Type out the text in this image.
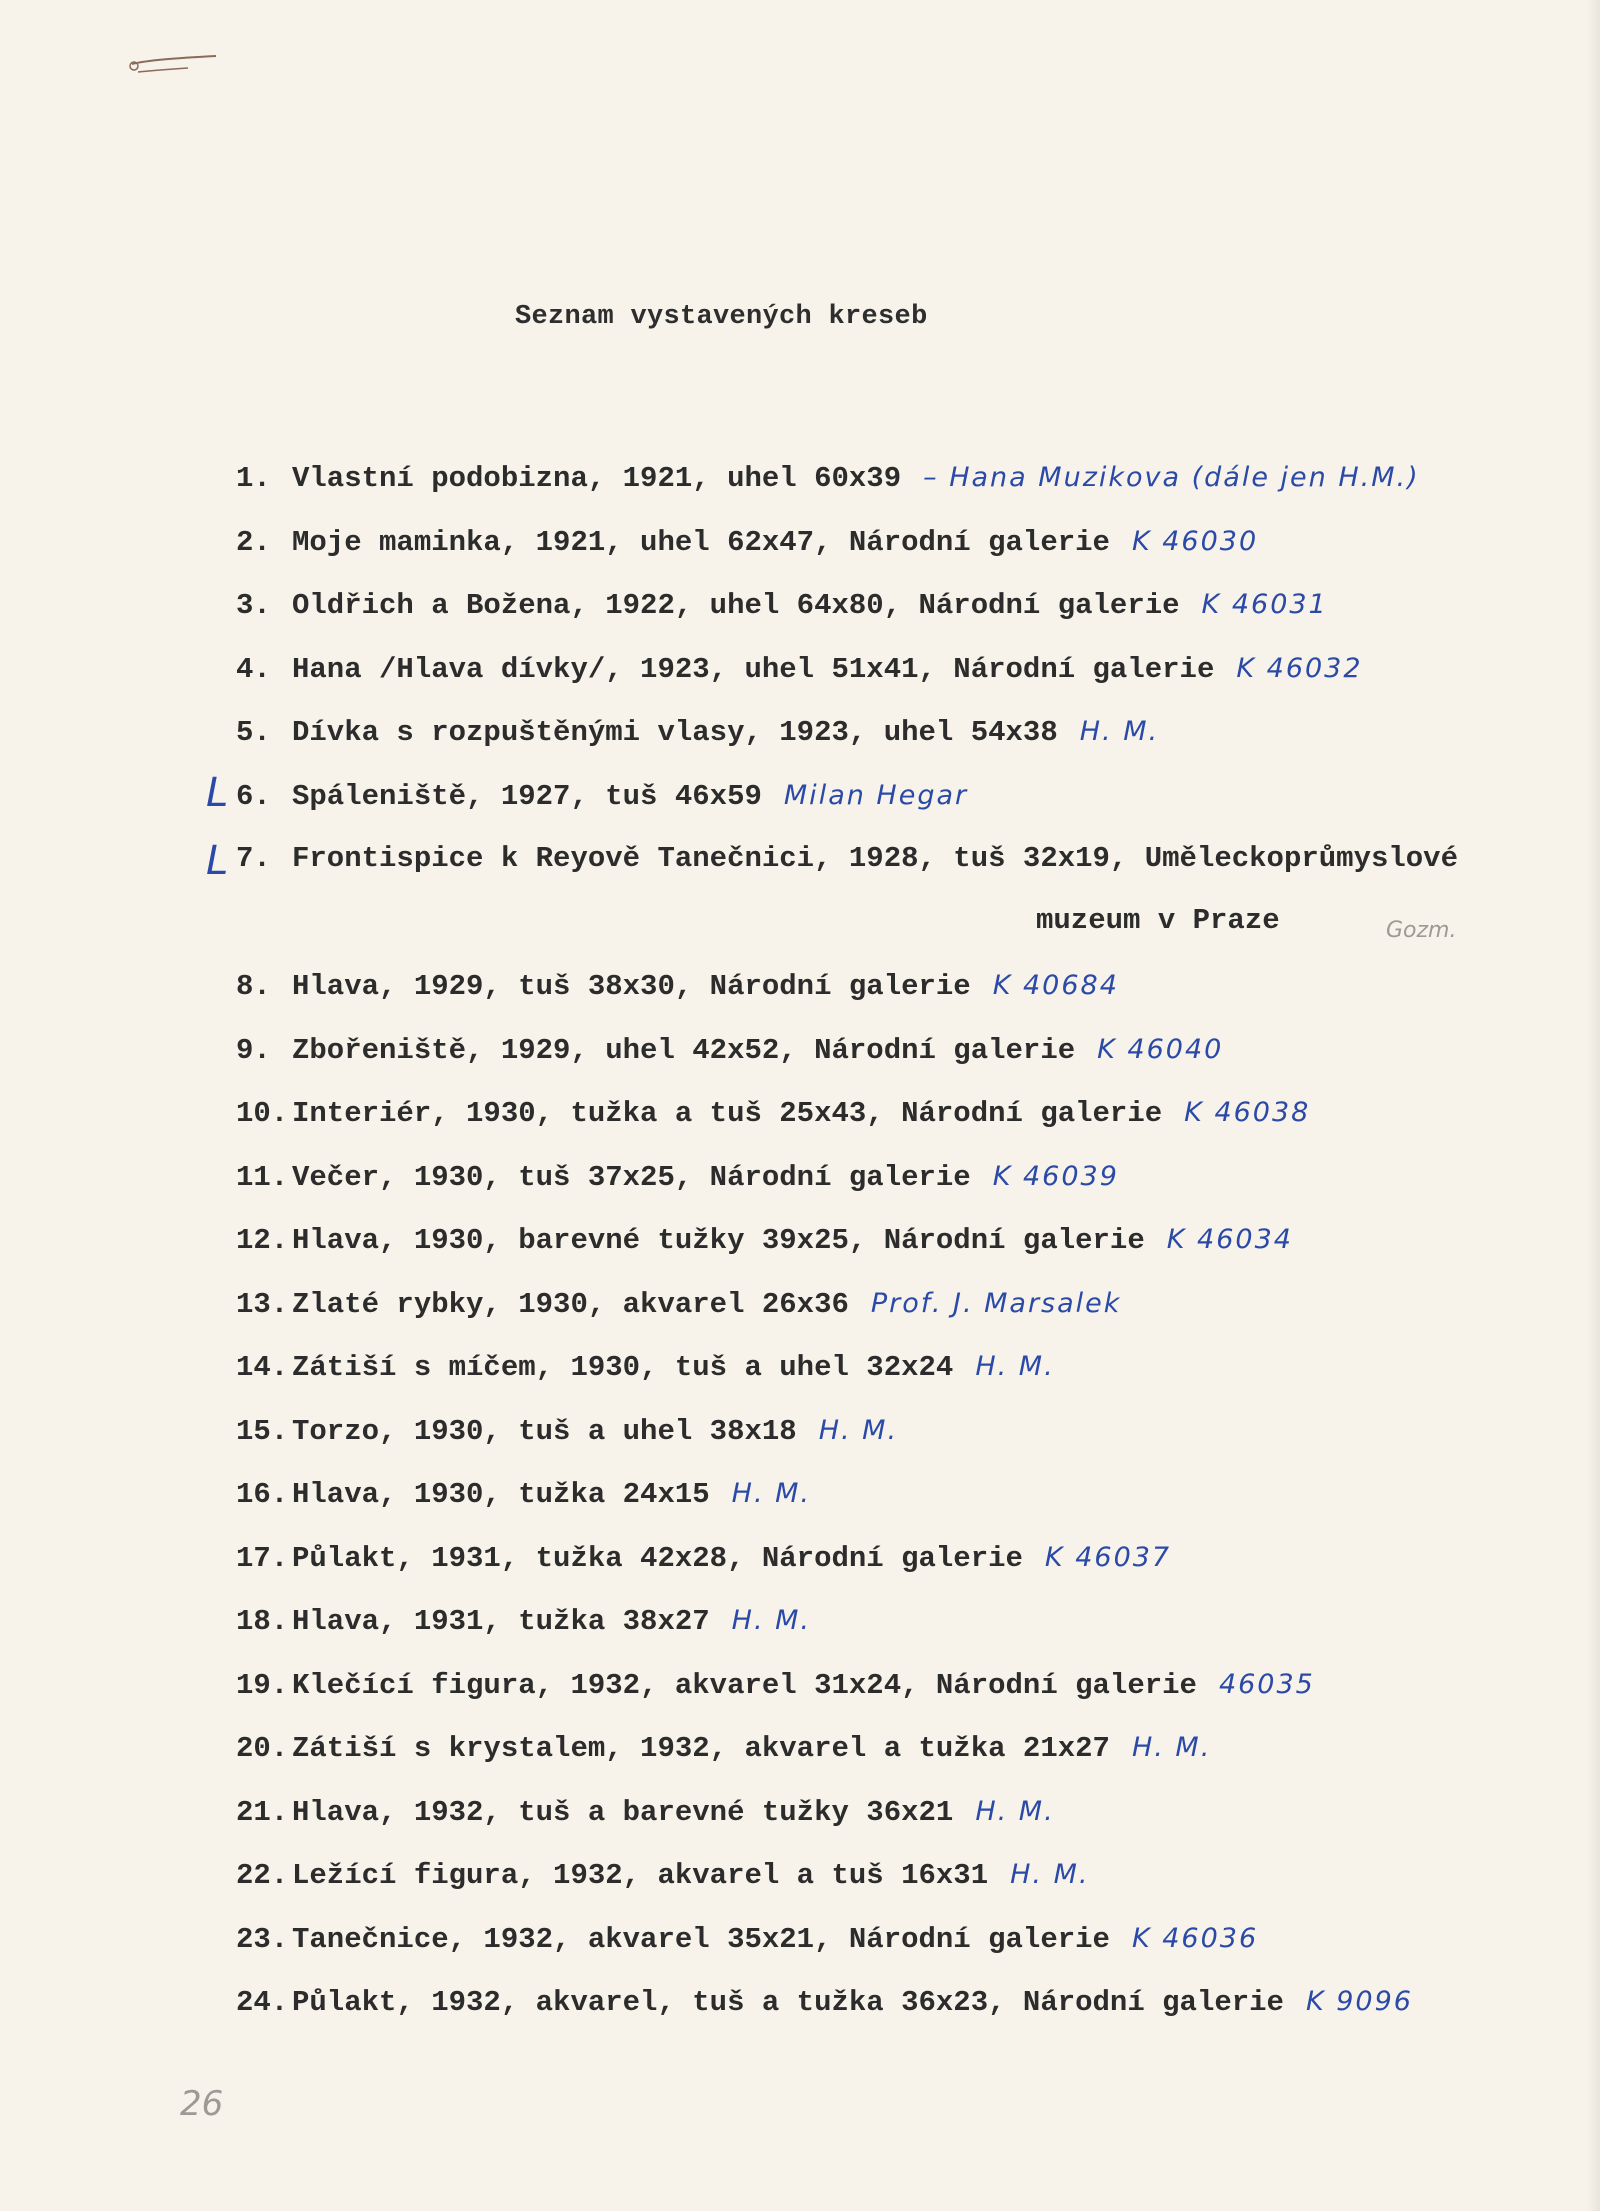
Seznam vystavených kreseb
1. Vlastní podobizna, 1921, uhel 60x39 – Hana Muzikova (dále jen H.M.)
2. Moje maminka, 1921, uhel 62x47, Národní galerie K 46030
3. Oldřich a Božena, 1922, uhel 64x80, Národní galerie K 46031
4. Hana /Hlava dívky/, 1923, uhel 51x41, Národní galerie K 46032
5. Dívka s rozpuštěnými vlasy, 1923, uhel 54x38 H. M.
6. Spáleniště, 1927, tuš 46x59 Milan Hegar
7. Frontispice k Reyově Tanečnici, 1928, tuš 32x19, Uměleckoprůmyslové
muzeum v Praze
8. Hlava, 1929, tuš 38x30, Národní galerie K 40684
9. Zbořeniště, 1929, uhel 42x52, Národní galerie K 46040
10. Interiér, 1930, tužka a tuš 25x43, Národní galerie K 46038
11. Večer, 1930, tuš 37x25, Národní galerie K 46039
12. Hlava, 1930, barevné tužky 39x25, Národní galerie K 46034
13. Zlaté rybky, 1930, akvarel 26x36 Prof. J. Marsalek
14. Zátiší s míčem, 1930, tuš a uhel 32x24 H. M.
15. Torzo, 1930, tuš a uhel 38x18 H. M.
16. Hlava, 1930, tužka 24x15 H. M.
17. Půlakt, 1931, tužka 42x28, Národní galerie K 46037
18. Hlava, 1931, tužka 38x27 H. M.
19. Klečící figura, 1932, akvarel 31x24, Národní galerie 46035
20. Zátiší s krystalem, 1932, akvarel a tužka 21x27 H. M.
21. Hlava, 1932, tuš a barevné tužky 36x21 H. M.
22. Ležící figura, 1932, akvarel a tuš 16x31 H. M.
23. Tanečnice, 1932, akvarel 35x21, Národní galerie K 46036
24. Půlakt, 1932, akvarel, tuš a tužka 36x23, Národní galerie K 9096
L
L
Gozm.
26
